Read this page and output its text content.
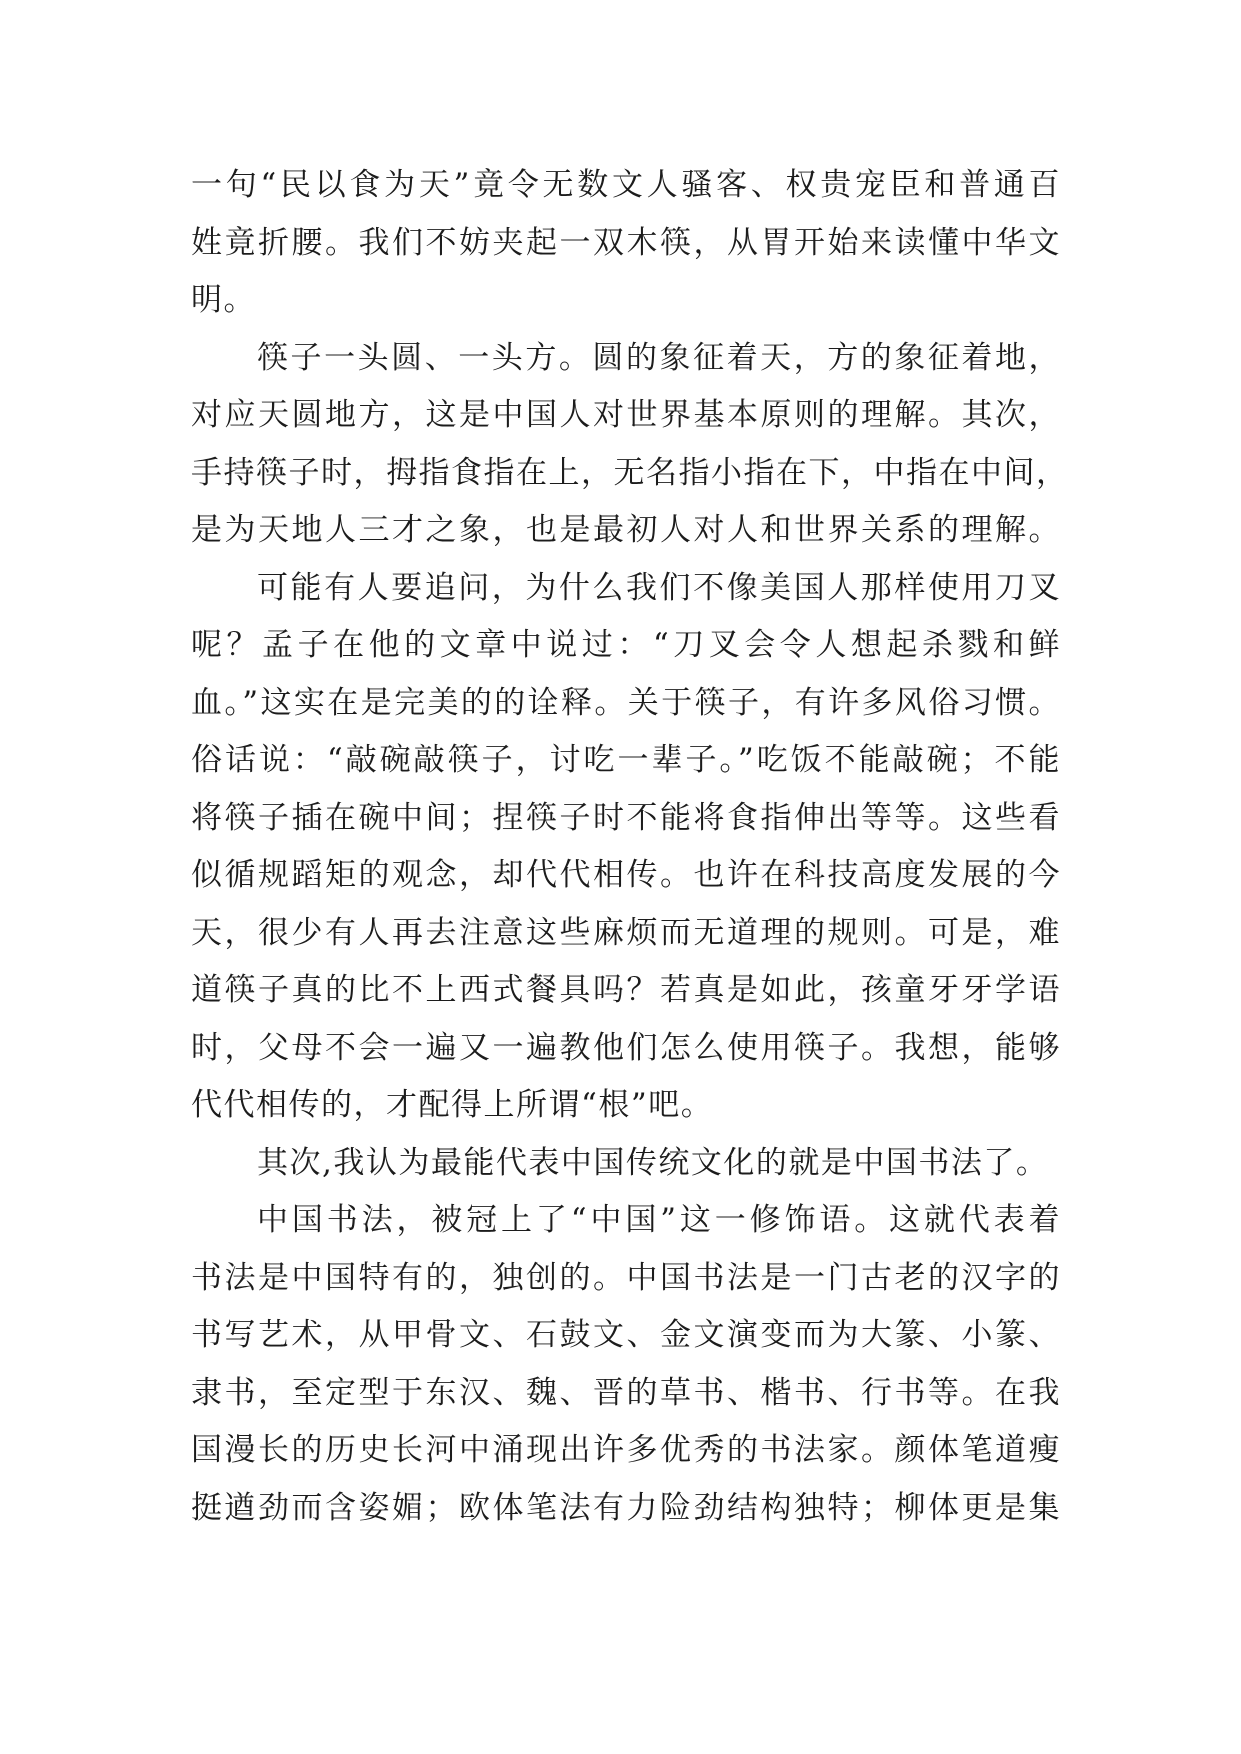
一句“民以食为天”竟令无数文人骚客、权贵宠臣和普通百
姓竟折腰。我们不妨夹起一双木筷，从胃开始来读懂中华文
明。
筷子一头圆、一头方。圆的象征着天，方的象征着地，
对应天圆地方，这是中国人对世界基本原则的理解。其次，
手持筷子时，拇指食指在上，无名指小指在下，中指在中间，
是为天地人三才之象，也是最初人对人和世界关系的理解。
可能有人要追问，为什么我们不像美国人那样使用刀叉
呢？孟子在他的文章中说过：“刀叉会令人想起杀戮和鲜
血。”这实在是完美的的诠释。关于筷子，有许多风俗习惯。
俗话说：“敲碗敲筷子，讨吃一辈子。”吃饭不能敲碗；不能
将筷子插在碗中间；捏筷子时不能将食指伸出等等。这些看
似循规蹈矩的观念，却代代相传。也许在科技高度发展的今
天，很少有人再去注意这些麻烦而无道理的规则。可是，难
道筷子真的比不上西式餐具吗？若真是如此，孩童牙牙学语
时，父母不会一遍又一遍教他们怎么使用筷子。我想，能够
代代相传的，才配得上所谓“根”吧。
其次,我认为最能代表中国传统文化的就是中国书法了。
中国书法，被冠上了“中国”这一修饰语。这就代表着
书法是中国特有的，独创的。中国书法是一门古老的汉字的
书写艺术，从甲骨文、石鼓文、金文演变而为大篆、小篆、
隶书，至定型于东汉、魏、晋的草书、楷书、行书等。在我
国漫长的历史长河中涌现出许多优秀的书法家。颜体笔道瘦
挺遒劲而含姿媚；欧体笔法有力险劲结构独特；柳体更是集
